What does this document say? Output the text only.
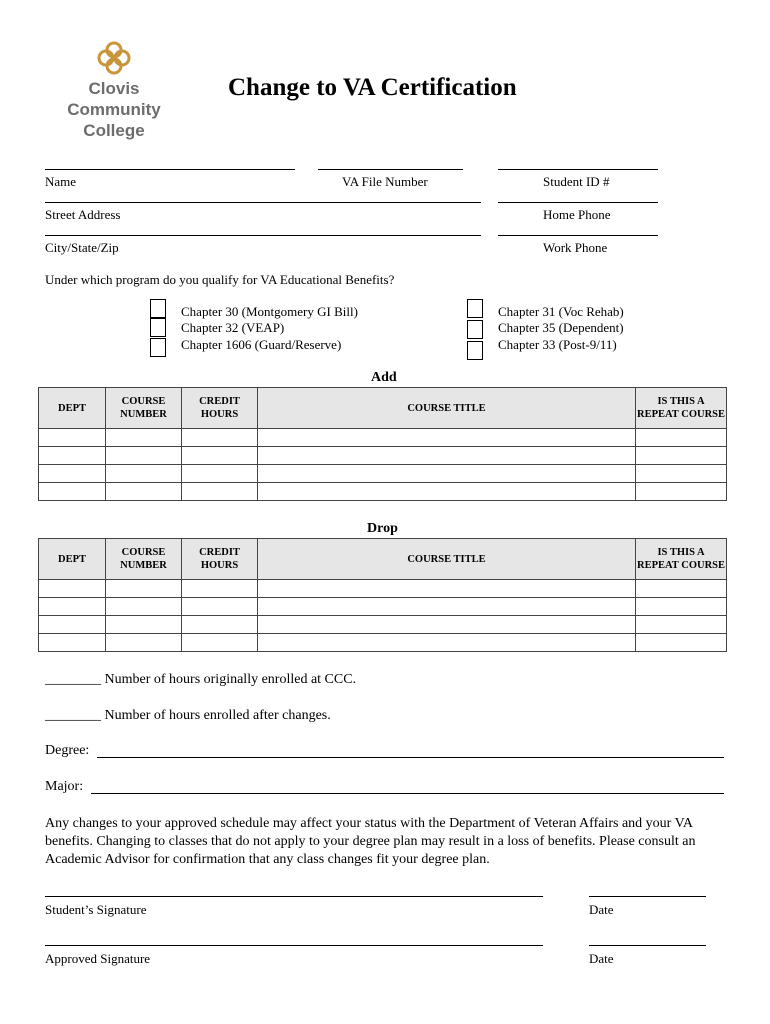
Clovis
Community
College
Change to VA Certification
Name	VA File Number	Student ID #
Street Address	Home Phone
City/State/Zip	Work Phone
Under which program do you qualify for VA Educational Benefits?
Chapter 30 (Montgomery GI Bill)
Chapter 32 (VEAP)
Chapter 1606 (Guard/Reserve)
Chapter 31 (Voc Rehab)
Chapter 35 (Dependent)
Chapter 33 (Post-9/11)
Add
DEPT	COURSE NUMBER	CREDIT HOURS	COURSE TITLE	IS THIS A REPEAT COURSE

Drop
DEPT	COURSE NUMBER	CREDIT HOURS	COURSE TITLE	IS THIS A REPEAT COURSE

________ Number of hours originally enrolled at CCC.
________ Number of hours enrolled after changes.
Degree:
Major:
Any changes to your approved schedule may affect your status with the Department of Veteran Affairs and your VA benefits. Changing to classes that do not apply to your degree plan may result in a loss of benefits. Please consult an Academic Advisor for confirmation that any class changes fit your degree plan.
Student’s Signature	Date
Approved Signature	Date
